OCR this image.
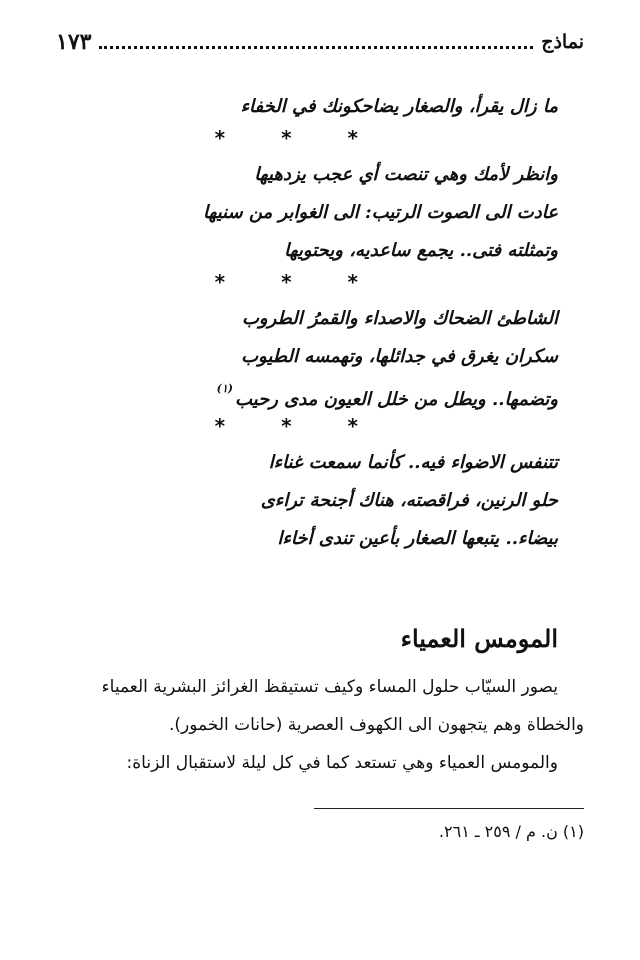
نماذج
١٧٣
ما زال يقرأ، والصغار يضاحكونك في الخفاء
*
*
*
وانظر لأمك وهي تنصت أي عجب يزدهيها
عادت الى الصوت الرتيب: الى الغوابر من سنيها
وتمثلته فتى.. يجمع ساعديه، ويحتويها
*
*
*
الشاطئ الضحاك والاصداء والقمرُ الطروب
سكران يغرق في جدائلها، وتهمسه الطيوب
وتضمها.. ويطل من خلل العيون مدى رحيب$^{(١)}$
*
*
*
تتنفس الاضواء فيه.. كأنما سمعت غناءا
حلو الرنين، فراقصته، هناك أجنحة تراءى
بيضاء.. يتبعها الصغار بأعين تندى أخاءا
المومس العمياء

يصور السيّاب حلول المساء وكيف تستيقظ الغرائز البشرية العمياء

والخطاة وهم يتجهون الى الكهوف العصرية (حانات الخمور).

والمومس العمياء وهي تستعد كما في كل ليلة لاستقبال الزناة:

(١) ن. م / ٢٥٩ ـ ٢٦١.
